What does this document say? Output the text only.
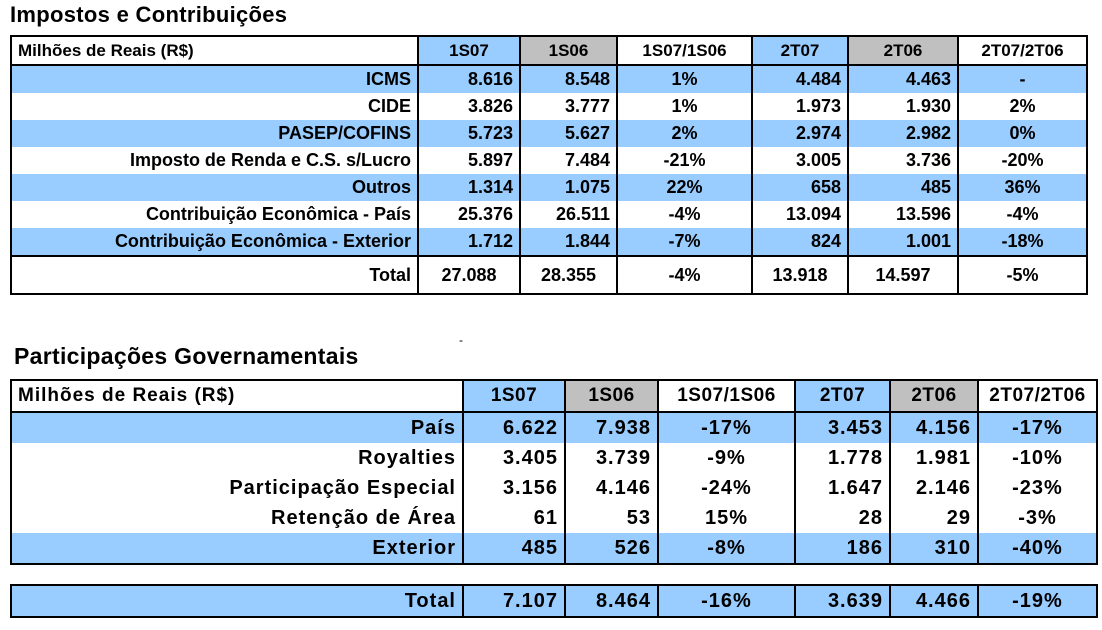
Impostos e Contribuições
Milhões de Reais (R$)	1S07	1S06	1S07/1S06	2T07	2T06	2T07/2T06
ICMS	8.616	8.548	1%	4.484	4.463	-
CIDE	3.826	3.777	1%	1.973	1.930	2%
PASEP/COFINS	5.723	5.627	2%	2.974	2.982	0%
Imposto de Renda e C.S. s/Lucro	5.897	7.484	-21%	3.005	3.736	-20%
Outros	1.314	1.075	22%	658	485	36%
Contribuição Econômica - País	25.376	26.511	-4%	13.094	13.596	-4%
Contribuição Econômica - Exterior	1.712	1.844	-7%	824	1.001	-18%
Total	27.088	28.355	-4%	13.918	14.597	-5%
-
Participações Governamentais
Milhões de Reais (R$)	1S07	1S06	1S07/1S06	2T07	2T06	2T07/2T06
País	6.622	7.938	-17%	3.453	4.156	-17%
Royalties	3.405	3.739	-9%	1.778	1.981	-10%
Participação Especial	3.156	4.146	-24%	1.647	2.146	-23%
Retenção de Área	61	53	15%	28	29	-3%
Exterior	485	526	-8%	186	310	-40%
Total	7.107	8.464	-16%	3.639	4.466	-19%
